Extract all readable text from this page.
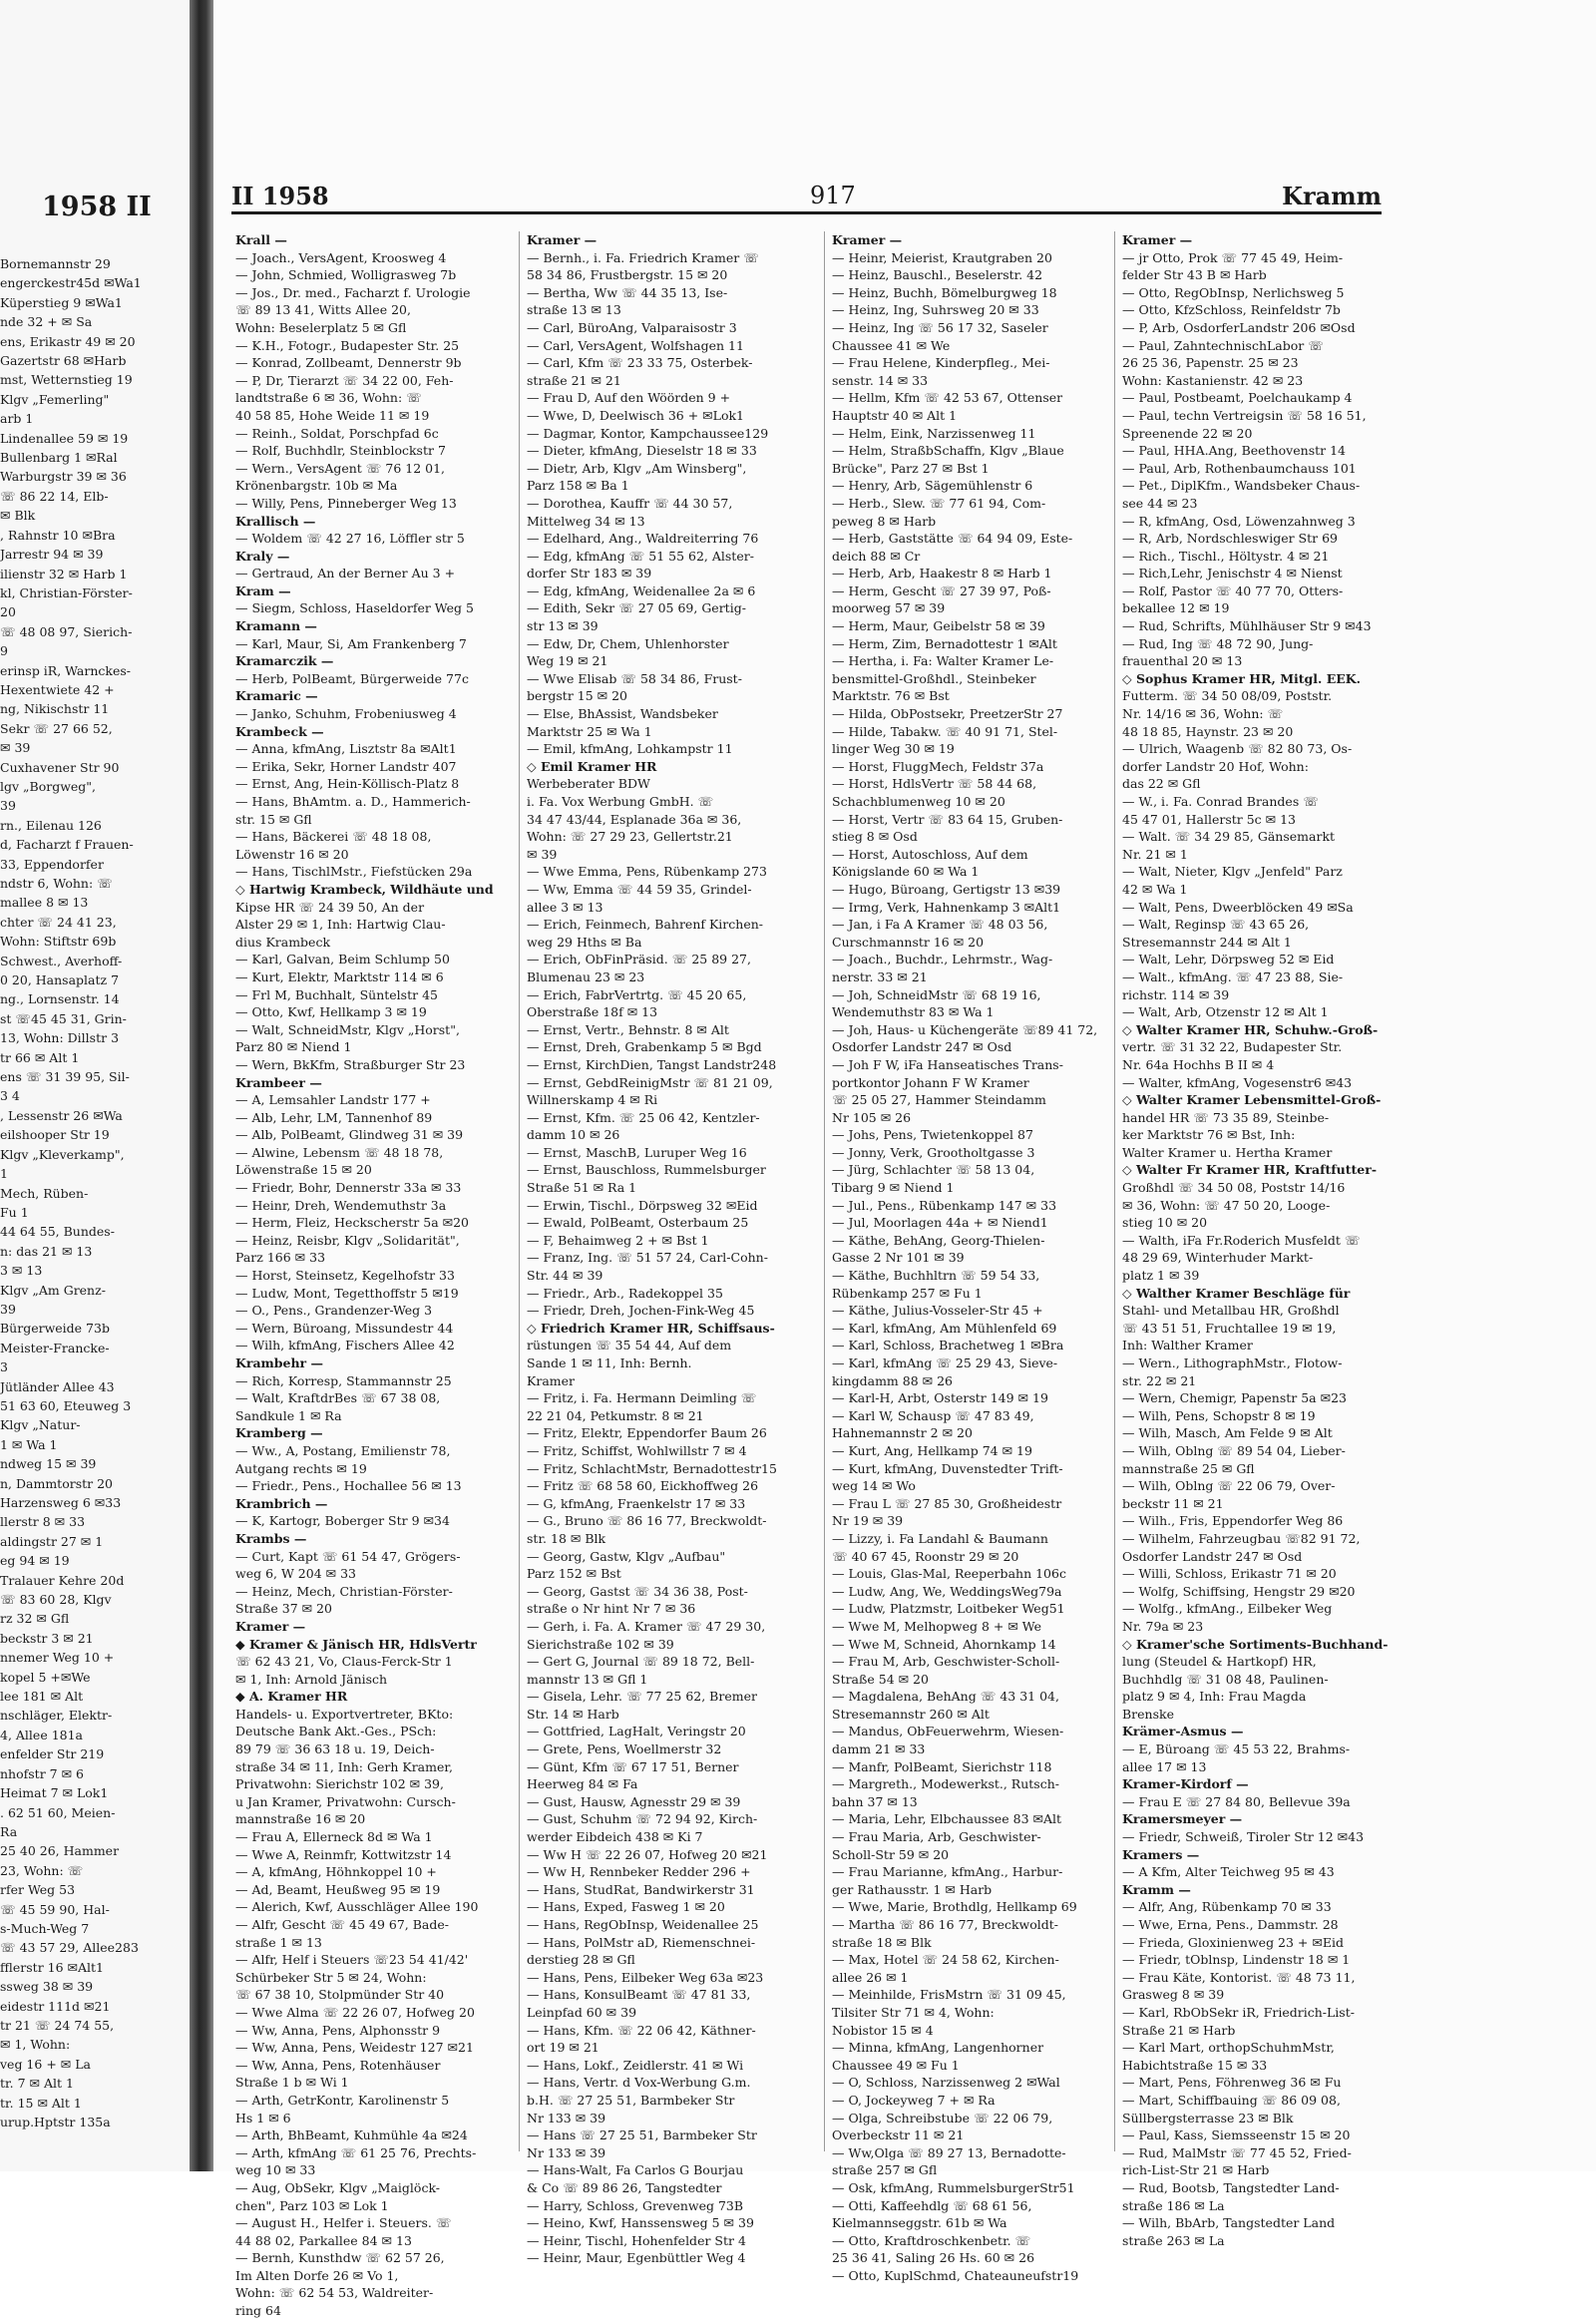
1958 II
Bornemannstr 29
engerckestr45d ✉Wa1
Küperstieg 9 ✉Wa1
nde 32 + ✉ Sa
ens, Erikastr 49 ✉ 20
Gazertstr 68 ✉Harb
mst, Wetternstieg 19
Klgv „Femerling"
arb 1
Lindenallee 59 ✉ 19
Bullenbarg 1 ✉Ral
Warburgstr 39 ✉ 36
☏ 86 22 14, Elb-
✉ Blk
, Rahnstr 10 ✉Bra
Jarrestr 94 ✉ 39
ilienstr 32 ✉ Harb 1
kl, Christian-Förster-
20
☏ 48 08 97, Sierich-
9
erinsp iR, Warnckes-
Hexentwiete 42 +
ng, Nikischstr 11
Sekr ☏ 27 66 52,
✉ 39
Cuxhavener Str 90
lgv „Borgweg",
39
rn., Eilenau 126
d, Facharzt f Frauen-
33, Eppendorfer
ndstr 6, Wohn: ☏
mallee 8 ✉ 13
chter ☏ 24 41 23,
Wohn: Stiftstr 69b
Schwest., Averhoff-
0 20, Hansaplatz 7
ng., Lornsenstr. 14
st ☏45 45 31, Grin-
13, Wohn: Dillstr 3
tr 66 ✉ Alt 1
ens ☏ 31 39 95, Sil-
3 4
, Lessenstr 26 ✉Wa
eilshooper Str 19
Klgv „Kleverkamp",
1
Mech, Rüben-
Fu 1
44 64 55, Bundes-
n: das 21 ✉ 13
3 ✉ 13
Klgv „Am Grenz-
39
Bürgerweide 73b
Meister-Francke-
3
Jütländer Allee 43
51 63 60, Eteuweg 3
Klgv „Natur-
1 ✉ Wa 1
ndweg 15 ✉ 39
n, Dammtorstr 20
Harzensweg 6 ✉33
llerstr 8 ✉ 33
aldingstr 27 ✉ 1
eg 94 ✉ 19
Tralauer Kehre 20d
☏ 83 60 28, Klgv
rz 32 ✉ Gfl
beckstr 3 ✉ 21
nnemer Weg 10 +
kopel 5 +✉We
lee 181 ✉ Alt
nschläger, Elektr-
4, Allee 181a
enfelder Str 219
nhofstr 7 ✉ 6
Heimat 7 ✉ Lok1
. 62 51 60, Meien-
Ra
25 40 26, Hammer
23, Wohn: ☏
rfer Weg 53
☏ 45 59 90, Hal-
s-Much-Weg 7
☏ 43 57 29, Allee283
fflerstr 16 ✉Alt1
ssweg 38 ✉ 39
eidestr 111d ✉21
tr 21 ☏ 24 74 55,
✉ 1, Wohn:
veg 16 + ✉ La
tr. 7 ✉ Alt 1
tr. 15 ✉ Alt 1
urup.Hptstr 135a
II 1958	917	Kramm
Krall —
— Joach., VersAgent, Kroosweg 4
— John, Schmied, Wolligrasweg 7b
— Jos., Dr. med., Facharzt f. Urologie
☏ 89 13 41, Witts Allee 20,
Wohn: Beselerplatz 5 ✉ Gfl
— K.H., Fotogr., Budapester Str. 25
— Konrad, Zollbeamt, Dennerstr 9b
— P, Dr, Tierarzt ☏ 34 22 00, Feh-
landtstraße 6 ✉ 36, Wohn: ☏
40 58 85, Hohe Weide 11 ✉ 19
— Reinh., Soldat, Porschpfad 6c
— Rolf, Buchhdlr, Steinblockstr 7
— Wern., VersAgent ☏ 76 12 01,
Krönenbargstr. 10b ✉ Ma
— Willy, Pens, Pinneberger Weg 13
Krallisch —
— Woldem ☏ 42 27 16, Löffler str 5
Kraly —
— Gertraud, An der Berner Au 3 +
Kram —
— Siegm, Schloss, Haseldorfer Weg 5
Kramann —
— Karl, Maur, Si, Am Frankenberg 7
Kramarczik —
— Herb, PolBeamt, Bürgerweide 77c
Kramaric —
— Janko, Schuhm, Frobeniusweg 4
Krambeck —
— Anna, kfmAng, Lisztstr 8a ✉Alt1
— Erika, Sekr, Horner Landstr 407
— Ernst, Ang, Hein-Köllisch-Platz 8
— Hans, BhAmtm. a. D., Hammerich-
str. 15 ✉ Gfl
— Hans, Bäckerei ☏ 48 18 08,
Löwenstr 16 ✉ 20
— Hans, TischlMstr., Fiefstücken 29a
◇ Hartwig Krambeck, Wildhäute und
Kipse HR ☏ 24 39 50, An der
Alster 29 ✉ 1, Inh: Hartwig Clau-
dius Krambeck
— Karl, Galvan, Beim Schlump 50
— Kurt, Elektr, Marktstr 114 ✉ 6
— Frl M, Buchhalt, Süntelstr 45
— Otto, Kwf, Hellkamp 3 ✉ 19
— Walt, SchneidMstr, Klgv „Horst",
Parz 80 ✉ Niend 1
— Wern, BkKfm, Straßburger Str 23
Krambeer —
— A, Lemsahler Landstr 177 +
— Alb, Lehr, LM, Tannenhof 89
— Alb, PolBeamt, Glindweg 31 ✉ 39
— Alwine, Lebensm ☏ 48 18 78,
Löwenstraße 15 ✉ 20
— Friedr, Bohr, Dennerstr 33a ✉ 33
— Heinr, Dreh, Wendemuthstr 3a
— Herm, Fleiz, Heckscherstr 5a ✉20
— Heinz, Reisbr, Klgv „Solidarität",
Parz 166 ✉ 33
— Horst, Steinsetz, Kegelhofstr 33
— Ludw, Mont, Tegetthoffstr 5 ✉19
— O., Pens., Grandenzer-Weg 3
— Wern, Büroang, Missundestr 44
— Wilh, kfmAng, Fischers Allee 42
Krambehr —
— Rich, Korresp, Stammannstr 25
— Walt, KraftdrBes ☏ 67 38 08,
Sandkule 1 ✉ Ra
Kramberg —
— Ww., A, Postang, Emilienstr 78,
Autgang rechts ✉ 19
— Friedr., Pens., Hochallee 56 ✉ 13
Krambrich —
— K, Kartogr, Boberger Str 9 ✉34
Krambs —
— Curt, Kapt ☏ 61 54 47, Grögers-
weg 6, W 204 ✉ 33
— Heinz, Mech, Christian-Förster-
Straße 37 ✉ 20
Kramer —
◆ Kramer & Jänisch HR, HdlsVertr
☏ 62 43 21, Vo, Claus-Ferck-Str 1
✉ 1, Inh: Arnold Jänisch
◆ A. Kramer HR
Handels- u. Exportvertreter, BKto:
Deutsche Bank Akt.-Ges., PSch:
89 79 ☏ 36 63 18 u. 19, Deich-
straße 34 ✉ 11, Inh: Gerh Kramer,
Privatwohn: Sierichstr 102 ✉ 39,
u Jan Kramer, Privatwohn: Cursch-
mannstraße 16 ✉ 20
— Frau A, Ellerneck 8d ✉ Wa 1
— Wwe A, Reinmfr, Kottwitzstr 14
— A, kfmAng, Höhnkoppel 10 +
— Ad, Beamt, Heußweg 95 ✉ 19
— Alerich, Kwf, Ausschläger Allee 190
— Alfr, Gescht ☏ 45 49 67, Bade-
straße 1 ✉ 13
— Alfr, Helf i Steuers ☏23 54 41/42'
Schürbeker Str 5 ✉ 24, Wohn:
☏ 67 38 10, Stolpmünder Str 40
— Wwe Alma ☏ 22 26 07, Hofweg 20
— Ww, Anna, Pens, Alphonsstr 9
— Ww, Anna, Pens, Weidestr 127 ✉21
— Ww, Anna, Pens, Rotenhäuser
Straße 1 b ✉ Wi 1
— Arth, GetrKontr, Karolinenstr 5
Hs 1 ✉ 6
— Arth, BhBeamt, Kuhmühle 4a ✉24
— Arth, kfmAng ☏ 61 25 76, Prechts-
weg 10 ✉ 33
— Aug, ObSekr, Klgv „Maiglöck-
chen", Parz 103 ✉ Lok 1
— August H., Helfer i. Steuers. ☏
44 88 02, Parkallee 84 ✉ 13
— Bernh, Kunsthdw ☏ 62 57 26,
Im Alten Dorfe 26 ✉ Vo 1,
Wohn: ☏ 62 54 53, Waldreiter-
ring 64
Kramer —
— Bernh., i. Fa. Friedrich Kramer ☏
58 34 86, Frustbergstr. 15 ✉ 20
— Bertha, Ww ☏ 44 35 13, Ise-
straße 13 ✉ 13
— Carl, BüroAng, Valparaisostr 3
— Carl, VersAgent, Wolfshagen 11
— Carl, Kfm ☏ 23 33 75, Osterbek-
straße 21 ✉ 21
— Frau D, Auf den Wöörden 9 +
— Wwe, D, Deelwisch 36 + ✉Lok1
— Dagmar, Kontor, Kampchaussee129
— Dieter, kfmAng, Dieselstr 18 ✉ 33
— Dietr, Arb, Klgv „Am Winsberg",
Parz 158 ✉ Ba 1
— Dorothea, Kauffr ☏ 44 30 57,
Mittelweg 34 ✉ 13
— Edelhard, Ang., Waldreiterring 76
— Edg, kfmAng ☏ 51 55 62, Alster-
dorfer Str 183 ✉ 39
— Edg, kfmAng, Weidenallee 2a ✉ 6
— Edith, Sekr ☏ 27 05 69, Gertig-
str 13 ✉ 39
— Edw, Dr, Chem, Uhlenhorster
Weg 19 ✉ 21
— Wwe Elisab ☏ 58 34 86, Frust-
bergstr 15 ✉ 20
— Else, BhAssist, Wandsbeker
Marktstr 25 ✉ Wa 1
— Emil, kfmAng, Lohkampstr 11
◇ Emil Kramer HR
Werbeberater BDW
i. Fa. Vox Werbung GmbH. ☏
34 47 43/44, Esplanade 36a ✉ 36,
Wohn: ☏ 27 29 23, Gellertstr.21
✉ 39
— Wwe Emma, Pens, Rübenkamp 273
— Ww, Emma ☏ 44 59 35, Grindel-
allee 3 ✉ 13
— Erich, Feinmech, Bahrenf Kirchen-
weg 29 Hths ✉ Ba
— Erich, ObFinPräsid. ☏ 25 89 27,
Blumenau 23 ✉ 23
— Erich, FabrVertrtg. ☏ 45 20 65,
Oberstraße 18f ✉ 13
— Ernst, Vertr., Behnstr. 8 ✉ Alt
— Ernst, Dreh, Grabenkamp 5 ✉ Bgd
— Ernst, KirchDien, Tangst Landstr248
— Ernst, GebdReinigMstr ☏ 81 21 09,
Willnerskamp 4 ✉ Ri
— Ernst, Kfm. ☏ 25 06 42, Kentzler-
damm 10 ✉ 26
— Ernst, MaschB, Luruper Weg 16
— Ernst, Bauschloss, Rummelsburger
Straße 51 ✉ Ra 1
— Erwin, Tischl., Dörpsweg 32 ✉Eid
— Ewald, PolBeamt, Osterbaum 25
— F, Behaimweg 2 + ✉ Bst 1
— Franz, Ing. ☏ 51 57 24, Carl-Cohn-
Str. 44 ✉ 39
— Friedr., Arb., Radekoppel 35
— Friedr, Dreh, Jochen-Fink-Weg 45
◇ Friedrich Kramer HR, Schiffsaus-
rüstungen ☏ 35 54 44, Auf dem
Sande 1 ✉ 11, Inh: Bernh.
Kramer
— Fritz, i. Fa. Hermann Deimling ☏
22 21 04, Petkumstr. 8 ✉ 21
— Fritz, Elektr, Eppendorfer Baum 26
— Fritz, Schiffst, Wohlwillstr 7 ✉ 4
— Fritz, SchlachtMstr, Bernadottestr15
— Fritz ☏ 68 58 60, Eickhoffweg 26
— G, kfmAng, Fraenkelstr 17 ✉ 33
— G., Bruno ☏ 86 16 77, Breckwoldt-
str. 18 ✉ Blk
— Georg, Gastw, Klgv „Aufbau"
Parz 152 ✉ Bst
— Georg, Gastst ☏ 34 36 38, Post-
straße o Nr hint Nr 7 ✉ 36
— Gerh, i. Fa. A. Kramer ☏ 47 29 30,
Sierichstraße 102 ✉ 39
— Gert G, Journal ☏ 89 18 72, Bell-
mannstr 13 ✉ Gfl 1
— Gisela, Lehr. ☏ 77 25 62, Bremer
Str. 14 ✉ Harb
— Gottfried, LagHalt, Veringstr 20
— Grete, Pens, Woellmerstr 32
— Günt, Kfm ☏ 67 17 51, Berner
Heerweg 84 ✉ Fa
— Gust, Hausw, Agnesstr 29 ✉ 39
— Gust, Schuhm ☏ 72 94 92, Kirch-
werder Eibdeich 438 ✉ Ki 7
— Ww H ☏ 22 26 07, Hofweg 20 ✉21
— Ww H, Rennbeker Redder 296 +
— Hans, StudRat, Bandwirkerstr 31
— Hans, Exped, Fasweg 1 ✉ 20
— Hans, RegObInsp, Weidenallee 25
— Hans, PolMstr aD, Riemenschnei-
derstieg 28 ✉ Gfl
— Hans, Pens, Eilbeker Weg 63a ✉23
— Hans, KonsulBeamt ☏ 47 81 33,
Leinpfad 60 ✉ 39
— Hans, Kfm. ☏ 22 06 42, Käthner-
ort 19 ✉ 21
— Hans, Lokf., Zeidlerstr. 41 ✉ Wi
— Hans, Vertr. d Vox-Werbung G.m.
b.H. ☏ 27 25 51, Barmbeker Str
Nr 133 ✉ 39
— Hans ☏ 27 25 51, Barmbeker Str
Nr 133 ✉ 39
— Hans-Walt, Fa Carlos G Bourjau
& Co ☏ 89 86 26, Tangstedter
— Harry, Schloss, Grevenweg 73B
— Heino, Kwf, Hanssensweg 5 ✉ 39
— Heinr, Tischl, Hohenfelder Str 4
— Heinr, Maur, Egenbüttler Weg 4
Kramer —
— Heinr, Meierist, Krautgraben 20
— Heinz, Bauschl., Beselerstr. 42
— Heinz, Buchh, Bömelburgweg 18
— Heinz, Ing, Suhrsweg 20 ✉ 33
— Heinz, Ing ☏ 56 17 32, Saseler
Chaussee 41 ✉ We
— Frau Helene, Kinderpfleg., Mei-
senstr. 14 ✉ 33
— Hellm, Kfm ☏ 42 53 67, Ottenser
Hauptstr 40 ✉ Alt 1
— Helm, Eink, Narzissenweg 11
— Helm, StraßbSchaffn, Klgv „Blaue
Brücke", Parz 27 ✉ Bst 1
— Henry, Arb, Sägemühlenstr 6
— Herb., Slew. ☏ 77 61 94, Com-
peweg 8 ✉ Harb
— Herb, Gaststätte ☏ 64 94 09, Este-
deich 88 ✉ Cr
— Herb, Arb, Haakestr 8 ✉ Harb 1
— Herm, Gescht ☏ 27 39 97, Poß-
moorweg 57 ✉ 39
— Herm, Maur, Geibelstr 58 ✉ 39
— Herm, Zim, Bernadottestr 1 ✉Alt
— Hertha, i. Fa: Walter Kramer Le-
bensmittel-Großhdl., Steinbeker
Marktstr. 76 ✉ Bst
— Hilda, ObPostsekr, PreetzerStr 27
— Hilde, Tabakw. ☏ 40 91 71, Stel-
linger Weg 30 ✉ 19
— Horst, FluggMech, Feldstr 37a
— Horst, HdlsVertr ☏ 58 44 68,
Schachblumenweg 10 ✉ 20
— Horst, Vertr ☏ 83 64 15, Gruben-
stieg 8 ✉ Osd
— Horst, Autoschloss, Auf dem
Königslande 60 ✉ Wa 1
— Hugo, Büroang, Gertigstr 13 ✉39
— Irmg, Verk, Hahnenkamp 3 ✉Alt1
— Jan, i Fa A Kramer ☏ 48 03 56,
Curschmannstr 16 ✉ 20
— Joach., Buchdr., Lehrmstr., Wag-
nerstr. 33 ✉ 21
— Joh, SchneidMstr ☏ 68 19 16,
Wendemuthstr 83 ✉ Wa 1
— Joh, Haus- u Küchengeräte ☏89 41 72,
Osdorfer Landstr 247 ✉ Osd
— Joh F W, iFa Hanseatisches Trans-
portkontor Johann F W Kramer
☏ 25 05 27, Hammer Steindamm
Nr 105 ✉ 26
— Johs, Pens, Twietenkoppel 87
— Jonny, Verk, Grootholtgasse 3
— Jürg, Schlachter ☏ 58 13 04,
Tibarg 9 ✉ Niend 1
— Jul., Pens., Rübenkamp 147 ✉ 33
— Jul, Moorlagen 44a + ✉ Niend1
— Käthe, BehAng, Georg-Thielen-
Gasse 2 Nr 101 ✉ 39
— Käthe, Buchhltrn ☏ 59 54 33,
Rübenkamp 257 ✉ Fu 1
— Käthe, Julius-Vosseler-Str 45 +
— Karl, kfmAng, Am Mühlenfeld 69
— Karl, Schloss, Brachetweg 1 ✉Bra
— Karl, kfmAng ☏ 25 29 43, Sieve-
kingdamm 88 ✉ 26
— Karl-H, Arbt, Osterstr 149 ✉ 19
— Karl W, Schausp ☏ 47 83 49,
Hahnemannstr 2 ✉ 20
— Kurt, Ang, Hellkamp 74 ✉ 19
— Kurt, kfmAng, Duvenstedter Trift-
weg 14 ✉ Wo
— Frau L ☏ 27 85 30, Großheidestr
Nr 19 ✉ 39
— Lizzy, i. Fa Landahl & Baumann
☏ 40 67 45, Roonstr 29 ✉ 20
— Louis, Glas-Mal, Reeperbahn 106c
— Ludw, Ang, We, WeddingsWeg79a
— Ludw, Platzmstr, Loitbeker Weg51
— Wwe M, Melhopweg 8 + ✉ We
— Wwe M, Schneid, Ahornkamp 14
— Frau M, Arb, Geschwister-Scholl-
Straße 54 ✉ 20
— Magdalena, BehAng ☏ 43 31 04,
Stresemannstr 260 ✉ Alt
— Mandus, ObFeuerwehrm, Wiesen-
damm 21 ✉ 33
— Manfr, PolBeamt, Sierichstr 118
— Margreth., Modewerkst., Rutsch-
bahn 37 ✉ 13
— Maria, Lehr, Elbchaussee 83 ✉Alt
— Frau Maria, Arb, Geschwister-
Scholl-Str 59 ✉ 20
— Frau Marianne, kfmAng., Harbur-
ger Rathausstr. 1 ✉ Harb
— Wwe, Marie, Brothdlg, Hellkamp 69
— Martha ☏ 86 16 77, Breckwoldt-
straße 18 ✉ Blk
— Max, Hotel ☏ 24 58 62, Kirchen-
allee 26 ✉ 1
— Meinhilde, FrisMstrn ☏ 31 09 45,
Tilsiter Str 71 ✉ 4, Wohn:
Nobistor 15 ✉ 4
— Minna, kfmAng, Langenhorner
Chaussee 49 ✉ Fu 1
— O, Schloss, Narzissenweg 2 ✉Wal
— O, Jockeyweg 7 + ✉ Ra
— Olga, Schreibstube ☏ 22 06 79,
Overbeckstr 11 ✉ 21
— Ww,Olga ☏ 89 27 13, Bernadotte-
straße 257 ✉ Gfl
— Osk, kfmAng, RummelsburgerStr51
— Otti, Kaffeehdlg ☏ 68 61 56,
Kielmannseggstr. 61b ✉ Wa
— Otto, Kraftdroschkenbetr. ☏
25 36 41, Saling 26 Hs. 60 ✉ 26
— Otto, KuplSchmd, Chateauneufstr19
Kramer —
— jr Otto, Prok ☏ 77 45 49, Heim-
felder Str 43 B ✉ Harb
— Otto, RegObInsp, Nerlichsweg 5
— Otto, KfzSchloss, Reinfeldstr 7b
— P, Arb, OsdorferLandstr 206 ✉Osd
— Paul, ZahntechnischLabor ☏
26 25 36, Papenstr. 25 ✉ 23
Wohn: Kastanienstr. 42 ✉ 23
— Paul, Postbeamt, Poelchaukamp 4
— Paul, techn Vertreigsin ☏ 58 16 51,
Spreenende 22 ✉ 20
— Paul, HHA.Ang, Beethovenstr 14
— Paul, Arb, Rothenbaumchauss 101
— Pet., DiplKfm., Wandsbeker Chaus-
see 44 ✉ 23
— R, kfmAng, Osd, Löwenzahnweg 3
— R, Arb, Nordschleswiger Str 69
— Rich., Tischl., Höltystr. 4 ✉ 21
— Rich,Lehr, Jenischstr 4 ✉ Nienst
— Rolf, Pastor ☏ 40 77 70, Otters-
bekallee 12 ✉ 19
— Rud, Schrifts, Mühlhäuser Str 9 ✉43
— Rud, Ing ☏ 48 72 90, Jung-
frauenthal 20 ✉ 13
◇ Sophus Kramer HR, Mitgl. EEK.
Futterm. ☏ 34 50 08/09, Poststr.
Nr. 14/16 ✉ 36, Wohn: ☏
48 18 85, Haynstr. 23 ✉ 20
— Ulrich, Waagenb ☏ 82 80 73, Os-
dorfer Landstr 20 Hof, Wohn:
das 22 ✉ Gfl
— W., i. Fa. Conrad Brandes ☏
45 47 01, Hallerstr 5c ✉ 13
— Walt. ☏ 34 29 85, Gänsemarkt
Nr. 21 ✉ 1
— Walt, Nieter, Klgv „Jenfeld" Parz
42 ✉ Wa 1
— Walt, Pens, Dweerblöcken 49 ✉Sa
— Walt, Reginsp ☏ 43 65 26,
Stresemannstr 244 ✉ Alt 1
— Walt, Lehr, Dörpsweg 52 ✉ Eid
— Walt., kfmAng. ☏ 47 23 88, Sie-
richstr. 114 ✉ 39
— Walt, Arb, Otzenstr 12 ✉ Alt 1
◇ Walter Kramer HR, Schuhw.-Groß-
vertr. ☏ 31 32 22, Budapester Str.
Nr. 64a Hochhs B II ✉ 4
— Walter, kfmAng, Vogesenstr6 ✉43
◇ Walter Kramer Lebensmittel-Groß-
handel HR ☏ 73 35 89, Steinbe-
ker Marktstr 76 ✉ Bst, Inh:
Walter Kramer u. Hertha Kramer
◇ Walter Fr Kramer HR, Kraftfutter-
Großhdl ☏ 34 50 08, Poststr 14/16
✉ 36, Wohn: ☏ 47 50 20, Looge-
stieg 10 ✉ 20
— Walth, iFa Fr.Roderich Musfeldt ☏
48 29 69, Winterhuder Markt-
platz 1 ✉ 39
◇ Walther Kramer Beschläge für
Stahl- und Metallbau HR, Großhdl
☏ 43 51 51, Fruchtallee 19 ✉ 19,
Inh: Walther Kramer
— Wern., LithographMstr., Flotow-
str. 22 ✉ 21
— Wern, Chemigr, Papenstr 5a ✉23
— Wilh, Pens, Schopstr 8 ✉ 19
— Wilh, Masch, Am Felde 9 ✉ Alt
— Wilh, Oblng ☏ 89 54 04, Lieber-
mannstraße 25 ✉ Gfl
— Wilh, Oblng ☏ 22 06 79, Over-
beckstr 11 ✉ 21
— Wilh., Fris, Eppendorfer Weg 86
— Wilhelm, Fahrzeugbau ☏82 91 72,
Osdorfer Landstr 247 ✉ Osd
— Willi, Schloss, Erikastr 71 ✉ 20
— Wolfg, Schiffsing, Hengstr 29 ✉20
— Wolfg., kfmAng., Eilbeker Weg
Nr. 79a ✉ 23
◇ Kramer'sche Sortiments-Buchhand-
lung (Steudel & Hartkopf) HR,
Buchhdlg ☏ 31 08 48, Paulinen-
platz 9 ✉ 4, Inh: Frau Magda
Brenske
Krämer-Asmus —
— E, Büroang ☏ 45 53 22, Brahms-
allee 17 ✉ 13
Kramer-Kirdorf —
— Frau E ☏ 27 84 80, Bellevue 39a
Kramersmeyer —
— Friedr, Schweiß, Tiroler Str 12 ✉43
Kramers —
— A Kfm, Alter Teichweg 95 ✉ 43
Kramm —
— Alfr, Ang, Rübenkamp 70 ✉ 33
— Wwe, Erna, Pens., Dammstr. 28
— Frieda, Gloxinienweg 23 + ✉Eid
— Friedr, tOblnsp, Lindenstr 18 ✉ 1
— Frau Käte, Kontorist. ☏ 48 73 11,
Grasweg 8 ✉ 39
— Karl, RbObSekr iR, Friedrich-List-
Straße 21 ✉ Harb
— Karl Mart, orthopSchuhmMstr,
Habichtstraße 15 ✉ 33
— Mart, Pens, Föhrenweg 36 ✉ Fu
— Mart, Schiffbauing ☏ 86 09 08,
Süllbergsterrasse 23 ✉ Blk
— Paul, Kass, Siemsseenstr 15 ✉ 20
— Rud, MalMstr ☏ 77 45 52, Fried-
rich-List-Str 21 ✉ Harb
— Rud, Bootsb, Tangstedter Land-
straße 186 ✉ La
— Wilh, BbArb, Tangstedter Land
straße 263 ✉ La
